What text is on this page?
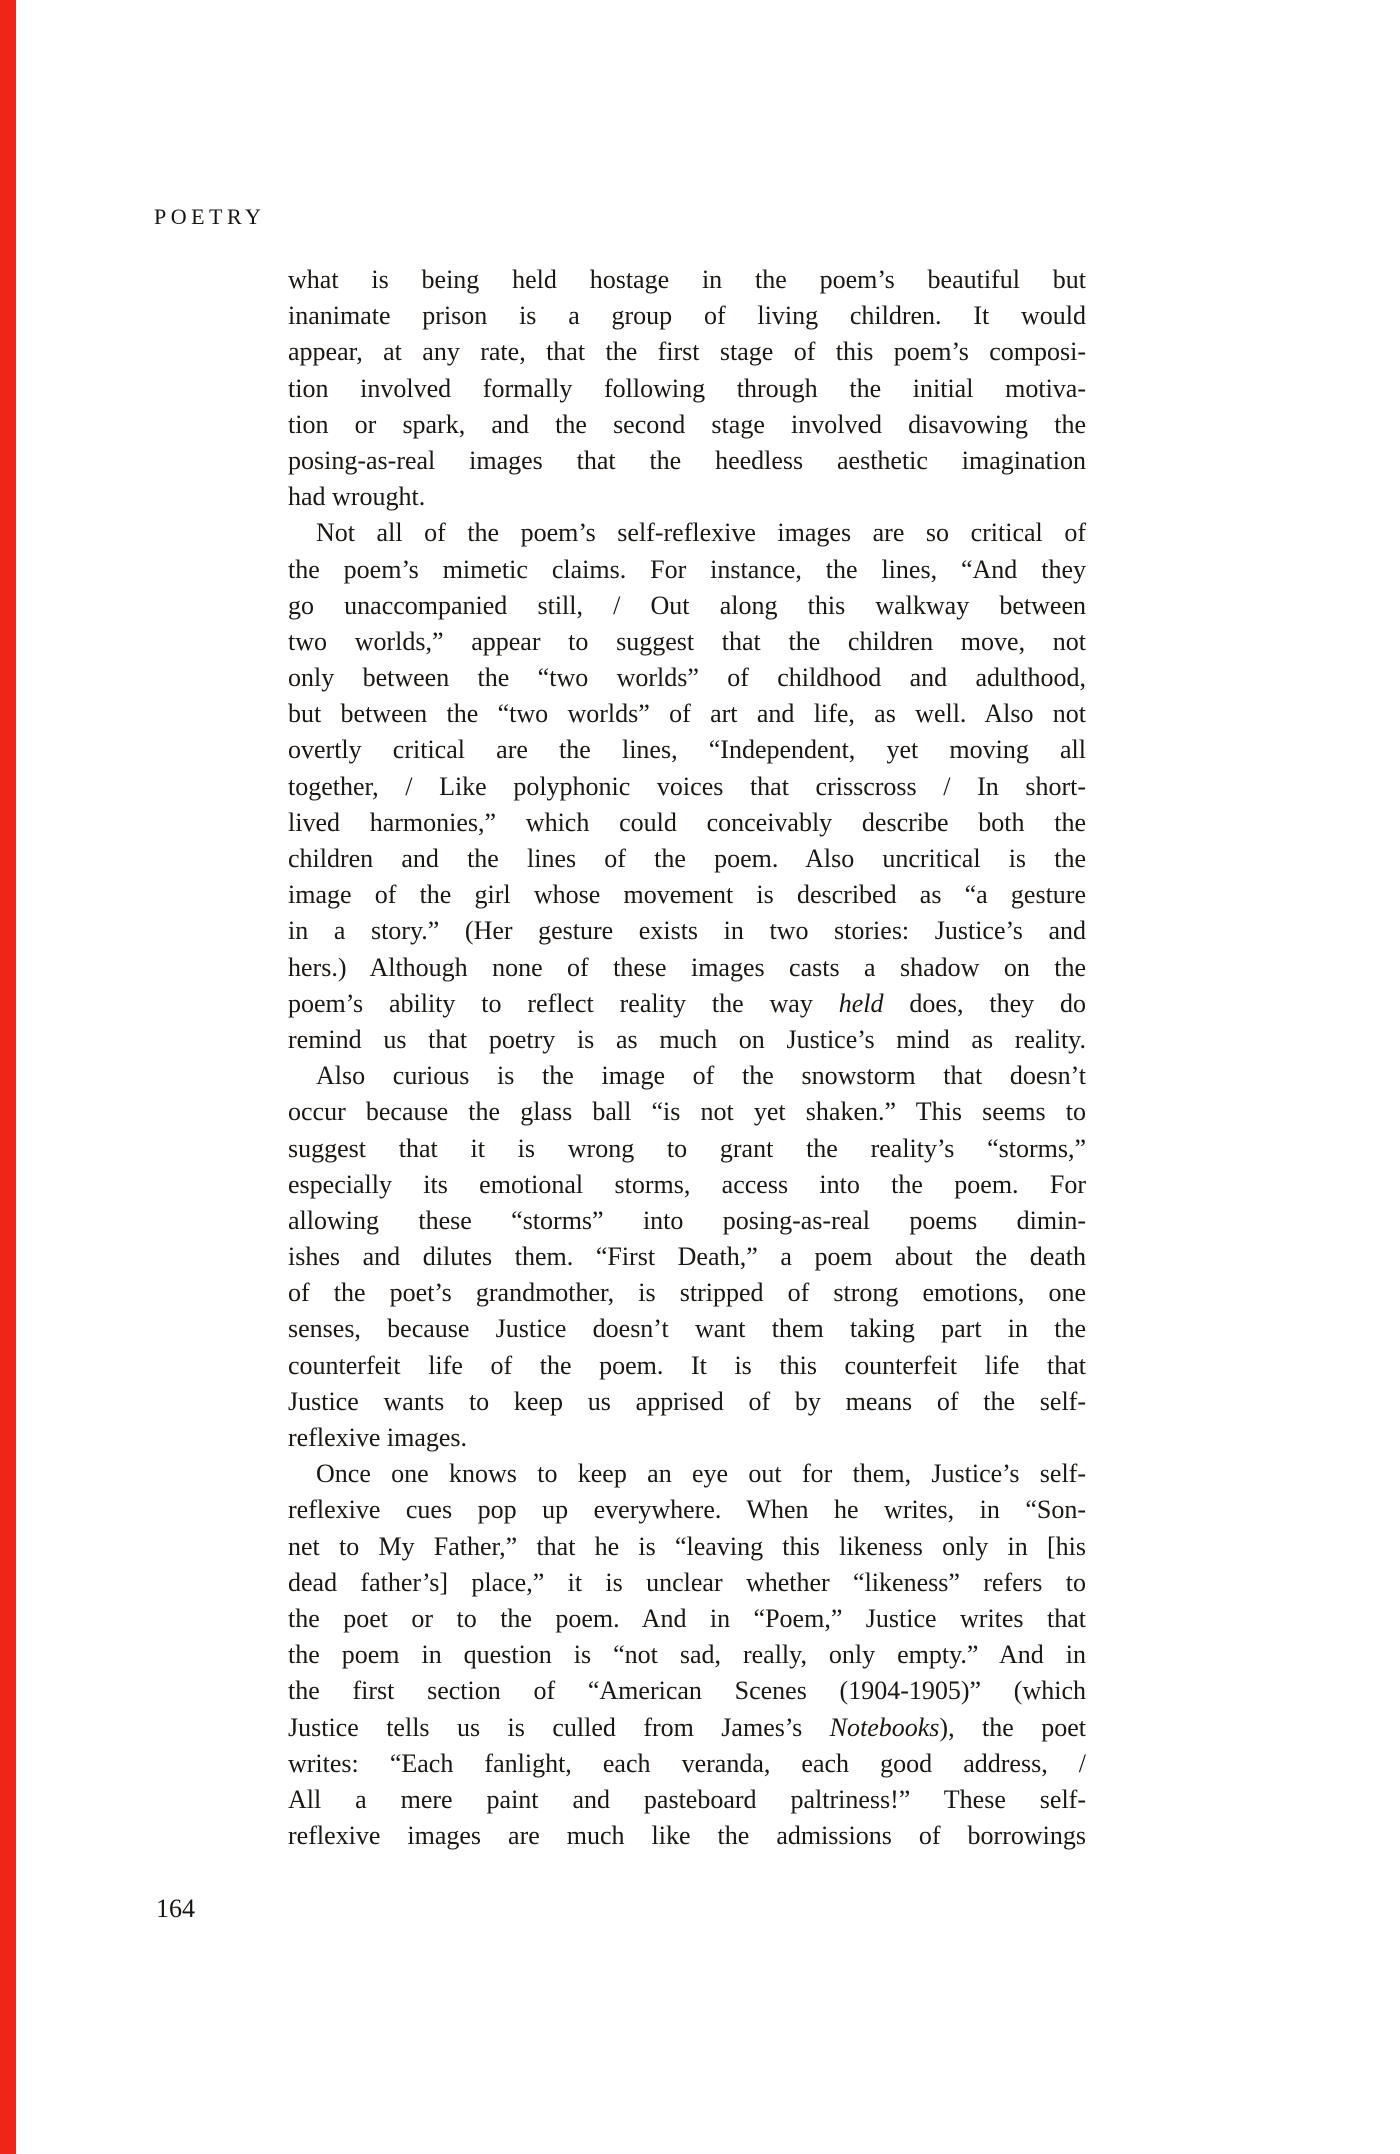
POETRY
what is being held hostage in the poem’s beautiful but
inanimate prison is a group of living children. It would
appear, at any rate, that the first stage of this poem’s composi-
tion involved formally following through the initial motiva-
tion or spark, and the second stage involved disavowing the
posing-as-real images that the heedless aesthetic imagination
had wrought.
Not all of the poem’s self-reflexive images are so critical of
the poem’s mimetic claims. For instance, the lines, “And they
go unaccompanied still, / Out along this walkway between
two worlds,” appear to suggest that the children move, not
only between the “two worlds” of childhood and adulthood,
but between the “two worlds” of art and life, as well. Also not
overtly critical are the lines, “Independent, yet moving all
together, / Like polyphonic voices that crisscross / In short-
lived harmonies,” which could conceivably describe both the
children and the lines of the poem. Also uncritical is the
image of the girl whose movement is described as “a gesture
in a story.” (Her gesture exists in two stories: Justice’s and
hers.) Although none of these images casts a shadow on the
poem’s ability to reflect reality the way held does, they do
remind us that poetry is as much on Justice’s mind as reality.
Also curious is the image of the snowstorm that doesn’t
occur because the glass ball “is not yet shaken.” This seems to
suggest that it is wrong to grant the reality’s “storms,”
especially its emotional storms, access into the poem. For
allowing these “storms” into posing-as-real poems dimin-
ishes and dilutes them. “First Death,” a poem about the death
of the poet’s grandmother, is stripped of strong emotions, one
senses, because Justice doesn’t want them taking part in the
counterfeit life of the poem. It is this counterfeit life that
Justice wants to keep us apprised of by means of the self-
reflexive images.
Once one knows to keep an eye out for them, Justice’s self-
reflexive cues pop up everywhere. When he writes, in “Son-
net to My Father,” that he is “leaving this likeness only in [his
dead father’s] place,” it is unclear whether “likeness” refers to
the poet or to the poem. And in “Poem,” Justice writes that
the poem in question is “not sad, really, only empty.” And in
the first section of “American Scenes (1904-1905)” (which
Justice tells us is culled from James’s Notebooks), the poet
writes: “Each fanlight, each veranda, each good address, /
All a mere paint and pasteboard paltriness!” These self-
reflexive images are much like the admissions of borrowings
164
